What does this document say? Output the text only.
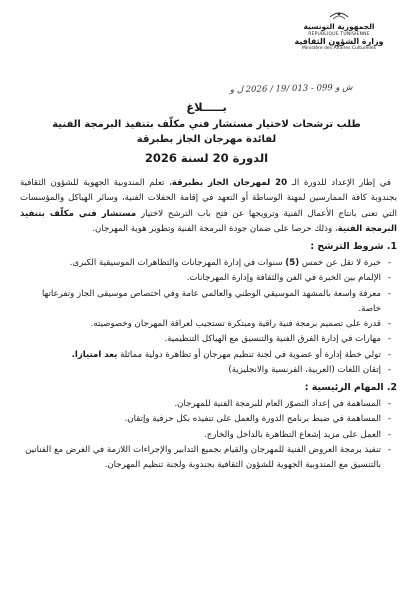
الجمهورية التونسية
RÉPUBLIQUE TUNISIENNE
وزارة الشؤون الثقافية
Ministère des Affaires Culturelles
ش و 099 - 013 /19 / 2026 ل و
بـــــلاغ
طلب ترشحات لاختيار مستشار فني مكلّف بتنفيذ البرمجة الفنية
لفائدة مهرجان الجاز بطبرقة
الدورة 20 لسنة 2026

في إطار الإعداد للدورة الـ 20 لمهرجان الجاز بطبرقة، تعلم المندوبية الجهوية للشؤون الثقافية بجندوبة كافة الممارسين لمهنة الوساطة أو التعهد في إقامة الحفلات الفنية، وسائر الهياكل والمؤسسات التي تعنى بانتاج الأعمال الفنية وترويجها عن فتح باب الترشح لاختيار مستشار فني مكلّف بتنفيذ البرمجة الفنية، وذلك حرصا على ضمان جودة البرمجة الفنية وتطوير هوية المهرجان.

1. شروط الترشح :
- خبرة لا تقل عن خمس (5) سنوات في إدارة المهرجانات والتظاهرات الموسيقية الكبرى.
- الإلمام بين الخبرة في الفن والثقافة وإدارة المهرجانات.
- معرفة واسعة بالمشهد الموسيقي الوطني والعالمي عامة وفي اختصاص موسيقى الجاز وتفرعاتها خاصة.
- قدرة على تصميم برمجة فنية راقية ومبتكرة تستجيب لعراقة المهرجان وخصوصيته.
- مهارات في إدارة الفرق الفنية والتنسيق مع الهياكل التنظيمية.
- تولي خطة إدارة أو عضوية في لجنة تنظيم مهرجان أو تظاهرة دولية مماثلة يعد امتيازا.
- إتقان اللغات (العربية، الفرنسية والانجليزية)
2. المهام الرئيسية :
- المساهمة في إعداد التصوّر العام للبرمجة الفنية للمهرجان.
- المساهمة في ضبط برنامج الدورة والعمل على تنفيذه بكل حرفية وإتقان.
- العمل على مزيد إشعاع التظاهرة بالداخل والخارج.
- تنفيذ برمجة العروض الفنية للمهرجان والقيام بجميع التدابير والإجراءات اللازمة في الغرض مع الفنانين بالتنسيق مع المندوبية الجهوية للشؤون الثقافية بجندوبة ولجنة تنظيم المهرجان.
